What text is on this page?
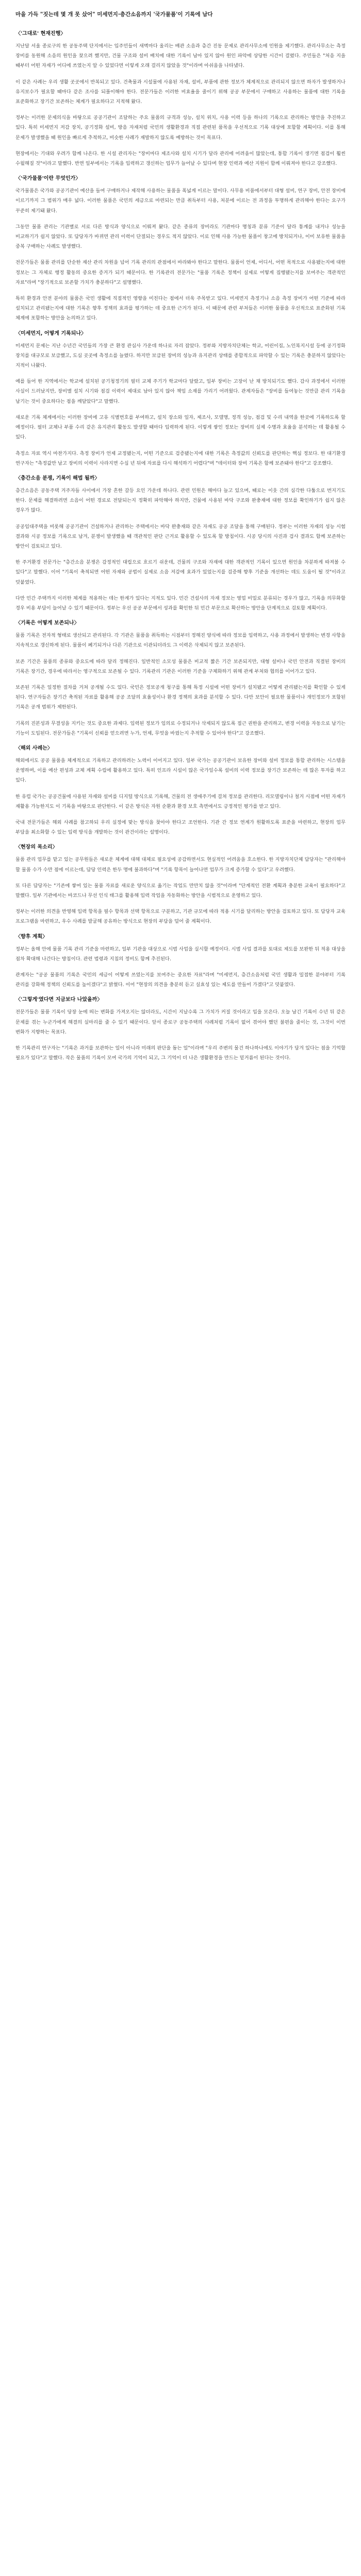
마을 가득 "짓는데 몇 개 못 샀어" 미세먼지·층간소음까지 '국가물품'이 기록에 남다
〈'그대로' 현재진행〉

지난달 서울 종로구의 한 공동주택 단지에서는 입주민들이 새벽마다 울리는 배관 소음과 층간 진동 문제로 관리사무소에 민원을 제기했다. 관리사무소는 측정 장비를 동원해 소음의 원인을 찾으려 했지만, 건물 구조와 설비 배치에 대한 기록이 남아 있지 않아 원인 파악에 상당한 시간이 걸렸다. 주민들은 "처음 지을 때부터 어떤 자재가 어디에 쓰였는지 알 수 있었다면 이렇게 오래 걸리지 않았을 것"이라며 아쉬움을 나타냈다.

이 같은 사례는 우리 생활 곳곳에서 반복되고 있다. 건축물과 시설물에 사용된 자재, 설비, 부품에 관한 정보가 체계적으로 관리되지 않으면 하자가 발생하거나 유지보수가 필요할 때마다 같은 조사를 되풀이해야 한다. 전문가들은 이러한 비효율을 줄이기 위해 공공 부문에서 구매하고 사용하는 물품에 대한 기록을 표준화하고 장기간 보존하는 체계가 필요하다고 지적해 왔다.

정부는 이러한 문제의식을 바탕으로 공공기관이 조달하는 주요 물품의 규격과 성능, 설치 위치, 사용 이력 등을 하나의 기록으로 관리하는 방안을 추진하고 있다. 특히 미세먼지 저감 장치, 공기정화 설비, 방음 자재처럼 국민의 생활환경과 직접 관련된 품목을 우선적으로 기록 대상에 포함할 계획이다. 이를 통해 문제가 발생했을 때 원인을 빠르게 추적하고, 비슷한 사례가 재발하지 않도록 예방하는 것이 목표다.

현장에서는 기대와 우려가 함께 나온다. 한 시설 관리자는 "장비마다 제조사와 설치 시기가 달라 관리에 어려움이 많았는데, 통합 기록이 생기면 점검이 훨씬 수월해질 것"이라고 말했다. 반면 일부에서는 기록을 입력하고 갱신하는 업무가 늘어날 수 있다며 현장 인력과 예산 지원이 함께 이뤄져야 한다고 강조했다.

〈'국가물품'이란 무엇인가〉

국가물품은 국가와 공공기관이 예산을 들여 구매하거나 제작해 사용하는 물품을 폭넓게 이르는 말이다. 사무용 비품에서부터 대형 설비, 연구 장비, 안전 장비에 이르기까지 그 범위가 매우 넓다. 이러한 물품은 국민의 세금으로 마련되는 만큼 취득부터 사용, 처분에 이르는 전 과정을 투명하게 관리해야 한다는 요구가 꾸준히 제기돼 왔다.

그동안 물품 관리는 기관별로 서로 다른 방식과 양식으로 이뤄져 왔다. 같은 종류의 장비라도 기관마다 명칭과 분류 기준이 달라 통계를 내거나 성능을 비교하기가 쉽지 않았다. 또 담당자가 바뀌면 관리 이력이 단절되는 경우도 적지 않았다. 이로 인해 사용 가능한 물품이 창고에 방치되거나, 이미 보유한 물품을 중복 구매하는 사례도 발생했다.

전문가들은 물품 관리를 단순한 재산 관리 차원을 넘어 기록 관리의 관점에서 바라봐야 한다고 말한다. 물품이 언제, 어디서, 어떤 목적으로 사용됐는지에 대한 정보는 그 자체로 행정 활동의 중요한 증거가 되기 때문이다. 한 기록관리 전문가는 "물품 기록은 정책이 실제로 어떻게 집행됐는지를 보여주는 객관적인 자료"라며 "장기적으로 보존할 가치가 충분하다"고 설명했다.

특히 환경과 안전 분야의 물품은 국민 생활에 직접적인 영향을 미친다는 점에서 더욱 주목받고 있다. 미세먼지 측정기나 소음 측정 장비가 어떤 기준에 따라 설치되고 관리됐는지에 대한 기록은 향후 정책의 효과를 평가하는 데 중요한 근거가 된다. 이 때문에 관련 부처들은 이러한 물품을 우선적으로 표준화된 기록 체계에 포함하는 방안을 논의하고 있다.

〈미세먼지, 어떻게 기록되나〉

미세먼지 문제는 지난 수년간 국민들의 가장 큰 환경 관심사 가운데 하나로 자리 잡았다. 정부와 지방자치단체는 학교, 어린이집, 노인복지시설 등에 공기정화 장치를 대규모로 보급했고, 도심 곳곳에 측정소를 늘렸다. 하지만 보급된 장비의 성능과 유지관리 상태를 종합적으로 파악할 수 있는 기록은 충분하지 않았다는 지적이 나왔다.

예를 들어 한 지역에서는 학교에 설치된 공기청정기의 필터 교체 주기가 학교마다 달랐고, 일부 장비는 고장이 난 채 방치되기도 했다. 감사 과정에서 이러한 사실이 드러났지만, 장비별 설치 시기와 점검 이력이 제대로 남아 있지 않아 책임 소재를 가리기 어려웠다. 관계자들은 "장비를 들여놓는 것만큼 관리 기록을 남기는 것이 중요하다는 점을 깨달았다"고 말했다.

새로운 기록 체계에서는 이러한 장비에 고유 식별번호를 부여하고, 설치 장소와 일자, 제조사, 모델명, 정격 성능, 점검 및 수리 내역을 한곳에 기록하도록 할 예정이다. 필터 교체나 부품 수리 같은 유지관리 활동도 발생할 때마다 입력하게 된다. 이렇게 쌓인 정보는 장비의 실제 수명과 효율을 분석하는 데 활용될 수 있다.

측정소 자료 역시 마찬가지다. 측정 장비가 언제 교정됐는지, 어떤 기준으로 검증됐는지에 대한 기록은 측정값의 신뢰도를 판단하는 핵심 정보다. 한 대기환경 연구자는 "측정값만 남고 장비의 이력이 사라지면 수십 년 뒤에 자료를 다시 해석하기 어렵다"며 "데이터와 장비 기록은 함께 보존돼야 한다"고 강조했다.

〈층간소음 분쟁, 기록이 해법 될까〉

층간소음은 공동주택 거주자들 사이에서 가장 흔한 갈등 요인 가운데 하나다. 관련 민원은 해마다 늘고 있으며, 때로는 이웃 간의 심각한 다툼으로 번지기도 한다. 문제를 해결하려면 소음이 어떤 경로로 전달되는지 정확히 파악해야 하지만, 건물에 사용된 바닥 구조와 완충재에 대한 정보를 확인하기가 쉽지 않은 경우가 많다.

공공임대주택을 비롯해 공공기관이 건설하거나 관리하는 주택에서는 바닥 완충재와 같은 자재도 공공 조달을 통해 구매된다. 정부는 이러한 자재의 성능 시험 결과와 시공 정보를 기록으로 남겨, 분쟁이 발생했을 때 객관적인 판단 근거로 활용할 수 있도록 할 방침이다. 시공 당시의 사진과 검사 결과도 함께 보존하는 방안이 검토되고 있다.

한 주거환경 전문가는 "층간소음 분쟁은 감정적인 대립으로 흐르기 쉬운데, 건물의 구조와 자재에 대한 객관적인 기록이 있으면 원인을 차분하게 따져볼 수 있다"고 말했다. 이어 "기록이 축적되면 어떤 자재와 공법이 실제로 소음 저감에 효과가 있었는지를 검증해 향후 기준을 개선하는 데도 도움이 될 것"이라고 덧붙였다.

다만 민간 주택까지 이러한 체계를 적용하는 데는 한계가 있다는 지적도 있다. 민간 건설사의 자재 정보는 영업 비밀로 분류되는 경우가 많고, 기록을 의무화할 경우 비용 부담이 늘어날 수 있기 때문이다. 정부는 우선 공공 부문에서 성과를 확인한 뒤 민간 부문으로 확산하는 방안을 단계적으로 검토할 계획이다.

〈기록은 어떻게 보존되나〉

물품 기록은 전자적 형태로 생산되고 관리된다. 각 기관은 물품을 취득하는 시점부터 정해진 양식에 따라 정보를 입력하고, 사용 과정에서 발생하는 변경 사항을 지속적으로 갱신하게 된다. 물품이 폐기되거나 다른 기관으로 이관되더라도 그 이력은 삭제되지 않고 보존된다.

보존 기간은 물품의 종류와 중요도에 따라 달리 정해진다. 일반적인 소모성 물품은 비교적 짧은 기간 보존되지만, 대형 설비나 국민 안전과 직결된 장비의 기록은 장기간, 경우에 따라서는 영구적으로 보존될 수 있다. 기록관리 기관은 이러한 기준을 구체화하기 위해 관계 부처와 협의를 이어가고 있다.

보존된 기록은 일정한 절차를 거쳐 공개될 수도 있다. 국민은 정보공개 청구를 통해 특정 시설에 어떤 장비가 설치됐고 어떻게 관리됐는지를 확인할 수 있게 된다. 연구자들은 장기간 축적된 자료를 활용해 공공 조달의 효율성이나 환경 정책의 효과를 분석할 수 있다. 다만 보안이 필요한 물품이나 개인정보가 포함된 기록은 공개 범위가 제한된다.

기록의 진본성과 무결성을 지키는 것도 중요한 과제다. 입력된 정보가 임의로 수정되거나 삭제되지 않도록 접근 권한을 관리하고, 변경 이력을 자동으로 남기는 기능이 도입된다. 전문가들은 "기록이 신뢰를 얻으려면 누가, 언제, 무엇을 바꿨는지 추적할 수 있어야 한다"고 강조했다.

〈해외 사례는〉

해외에서도 공공 물품을 체계적으로 기록하고 관리하려는 노력이 이어지고 있다. 일부 국가는 공공기관이 보유한 장비와 설비 정보를 통합 관리하는 시스템을 운영하며, 이를 예산 편성과 교체 계획 수립에 활용하고 있다. 특히 인프라 시설이 많은 국가일수록 설비의 이력 정보를 장기간 보존하는 데 많은 투자를 하고 있다.

한 유럽 국가는 공공건물에 사용된 자재와 설비를 디지털 방식으로 기록해, 건물의 전 생애주기에 걸쳐 정보를 관리한다. 리모델링이나 철거 시점에 어떤 자재가 재활용 가능한지도 이 기록을 바탕으로 판단한다. 이 같은 방식은 자원 순환과 환경 보호 측면에서도 긍정적인 평가를 받고 있다.

국내 전문가들은 해외 사례를 참고하되 우리 실정에 맞는 방식을 찾아야 한다고 조언한다. 기관 간 정보 연계가 원활하도록 표준을 마련하고, 현장의 업무 부담을 최소화할 수 있는 입력 방식을 개발하는 것이 관건이라는 설명이다.

〈현장의 목소리〉

물품 관리 업무를 맡고 있는 공무원들은 새로운 체계에 대해 대체로 필요성에 공감하면서도 현실적인 어려움을 호소한다. 한 지방자치단체 담당자는 "관리해야 할 물품 수가 수만 점에 이르는데, 담당 인력은 한두 명에 불과하다"며 "기록 항목이 늘어나면 업무가 크게 증가할 수 있다"고 우려했다.

또 다른 담당자는 "기존에 쌓여 있는 물품 자료를 새로운 양식으로 옮기는 작업도 만만치 않을 것"이라며 "단계적인 전환 계획과 충분한 교육이 필요하다"고 말했다. 일부 기관에서는 바코드나 무선 인식 태그를 활용해 입력 작업을 자동화하는 방안을 시범적으로 운영하고 있다.

정부는 이러한 의견을 반영해 입력 항목을 필수 항목과 선택 항목으로 구분하고, 기관 규모에 따라 적용 시기를 달리하는 방안을 검토하고 있다. 또 담당자 교육 프로그램을 마련하고, 우수 사례를 발굴해 공유하는 방식으로 현장의 부담을 덜어 줄 계획이다.

〈향후 계획〉

정부는 올해 안에 물품 기록 관리 기준을 마련하고, 일부 기관을 대상으로 시범 사업을 실시할 예정이다. 시범 사업 결과를 토대로 제도를 보완한 뒤 적용 대상을 점차 확대해 나간다는 방침이다. 관련 법령과 지침의 정비도 함께 추진된다.

관계자는 "공공 물품의 기록은 국민의 세금이 어떻게 쓰였는지를 보여주는 중요한 자료"라며 "미세먼지, 층간소음처럼 국민 생활과 밀접한 분야부터 기록 관리를 강화해 정책의 신뢰도를 높이겠다"고 밝혔다. 이어 "현장의 의견을 충분히 듣고 실효성 있는 제도를 만들어 가겠다"고 덧붙였다.

〈'그렇게'였다면 지금보다 나았을까〉

전문가들은 물품 기록이 당장 눈에 띄는 변화를 가져오지는 않더라도, 시간이 지날수록 그 가치가 커질 것이라고 입을 모은다. 오늘 남긴 기록이 수년 뒤 같은 문제를 겪는 누군가에게 해결의 실마리를 줄 수 있기 때문이다. 앞서 종로구 공동주택의 사례처럼 기록이 없어 겪어야 했던 불편을 줄이는 것, 그것이 이번 변화가 지향하는 목표다.

한 기록관리 연구자는 "기록은 과거를 보관하는 일이 아니라 미래의 판단을 돕는 일"이라며 "우리 주변의 물건 하나하나에도 이야기가 담겨 있다는 점을 기억할 필요가 있다"고 말했다. 작은 물품의 기록이 모여 국가의 기억이 되고, 그 기억이 더 나은 생활환경을 만드는 밑거름이 된다는 것이다.
